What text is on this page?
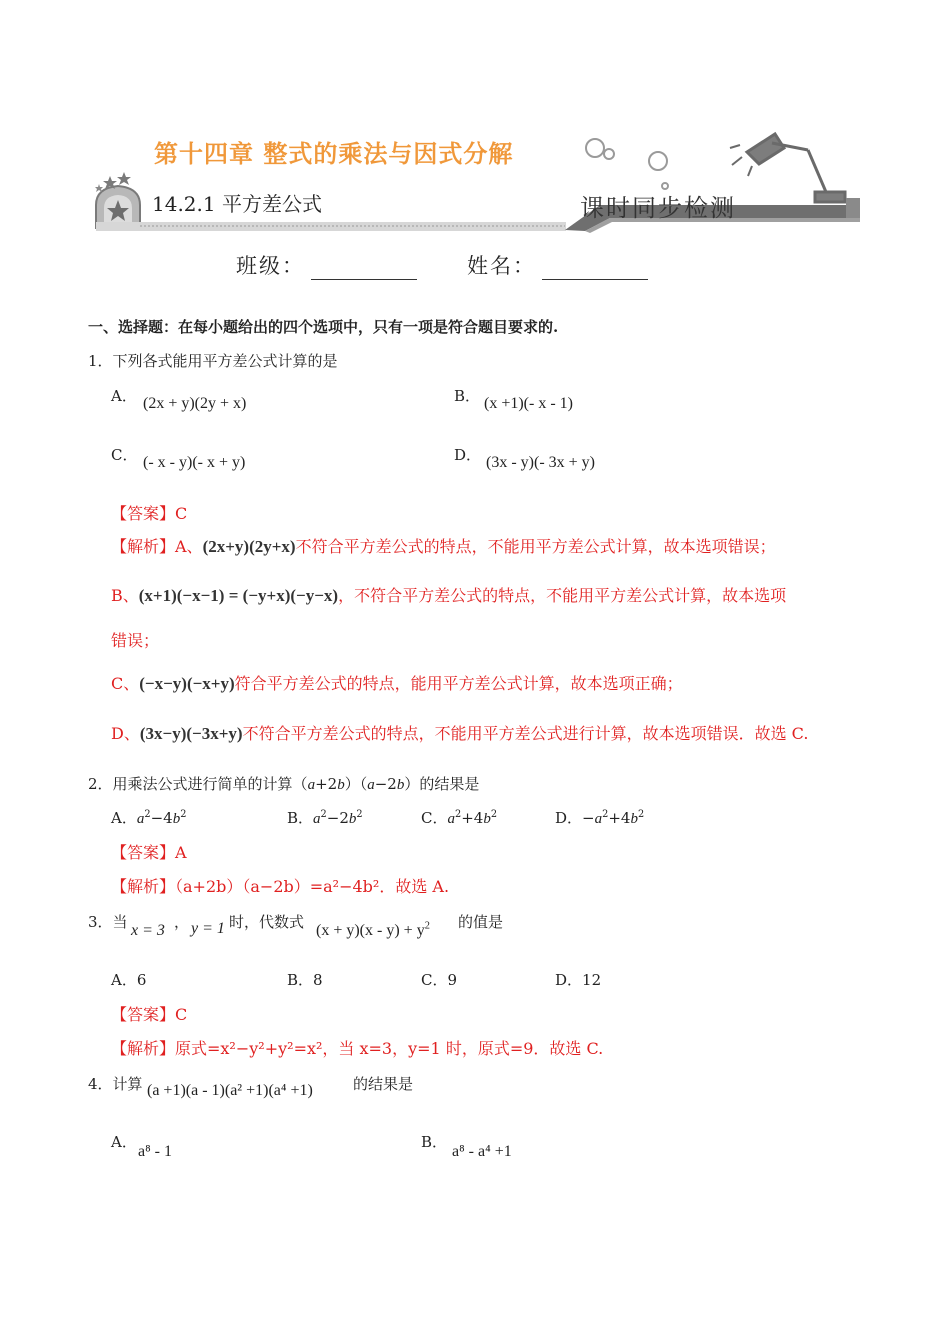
第十四章 整式的乘法与因式分解
14.2.1 平方差公式	课时同步检测
班级：	姓名：
一、选择题：在每小题给出的四个选项中，只有一项是符合题目要求的.
1．下列各式能用平方差公式计算的是
A． (2x + y)(2y + x)	B． (x +1)(- x - 1)
C． (- x - y)(- x + y)	D． (3x - y)(- 3x + y)
【答案】C
【解析】A、(2x+y)(2y+x)不符合平方差公式的特点，不能用平方差公式计算，故本选项错误；
B、(x+1)(−x−1) = (−y+x)(−y−x)，不符合平方差公式的特点，不能用平方差公式计算，故本选项
错误；
C、(−x−y)(−x+y)符合平方差公式的特点，能用平方差公式计算，故本选项正确；
D、(3x−y)(−3x+y)不符合平方差公式的特点，不能用平方差公式进行计算，故本选项错误．故选 C.
2．用乘法公式进行简单的计算（a+2b）（a−2b）的结果是
A．$a^2-4b^2$	B．$a^2-2b^2$	C．$a^2+4b^2$	D．$-a^2+4b^2$
【答案】A
【解析】（a+2b）（a−2b）=a²−4b²．故选 A.
3．当 x = 3 ， y = 1 时，代数式 $(x + y)(x - y) + y^2$ 的值是
A．6	B．8	C．9	D．12
【答案】C
【解析】原式=x²−y²+y²=x²，当 x=3，y=1 时，原式=9．故选 C.
4．计算 (a +1)(a - 1)(a² +1)(a⁴ +1)	的结果是
A．
a⁸ - 1
B．
a⁸ - a⁴ +1
